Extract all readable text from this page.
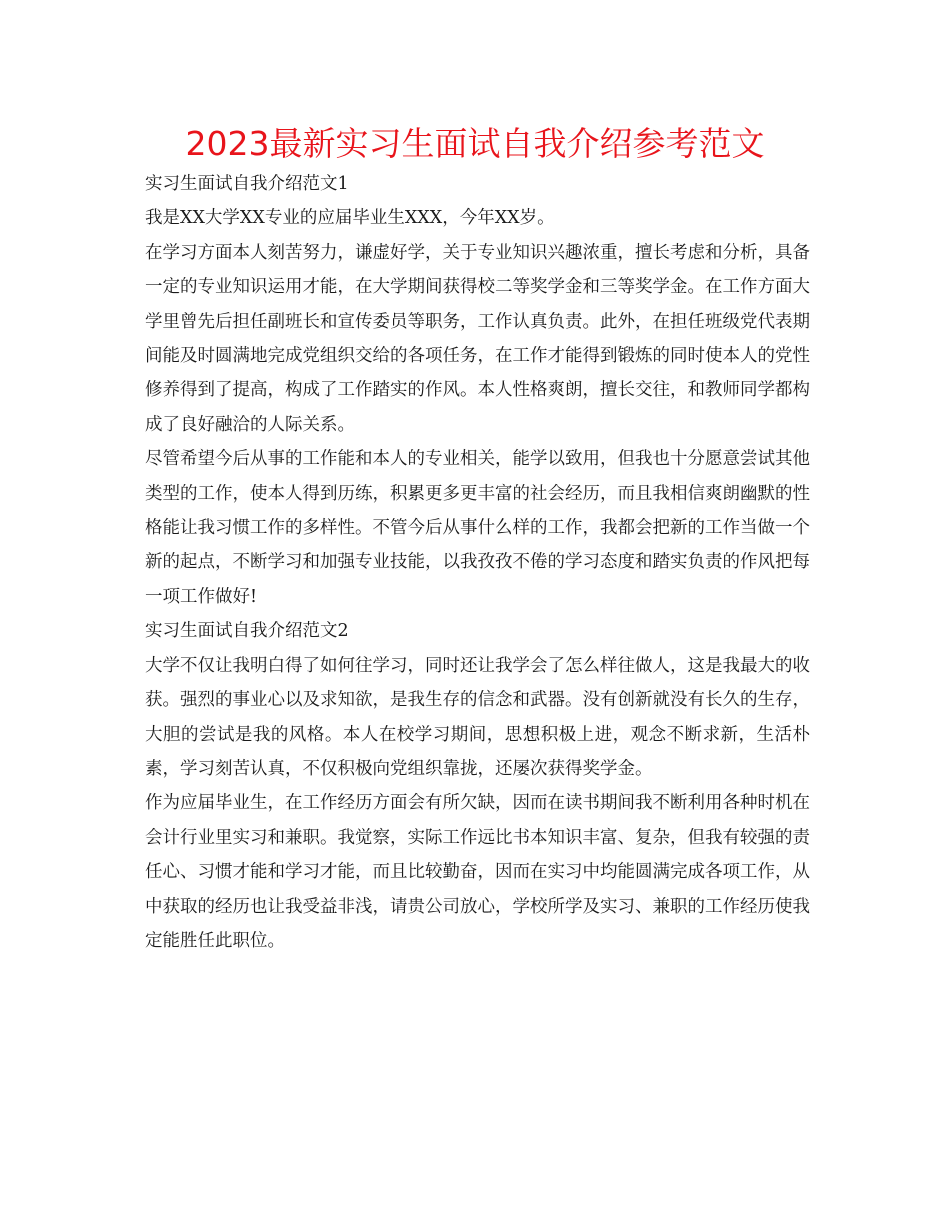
2023最新实习生面试自我介绍参考范文

实习生面试自我介绍范文1

我是XX大学XX专业的应届毕业生XXX，今年XX岁。

在学习方面本人刻苦努力，谦虚好学，关于专业知识兴趣浓重，擅长考虑和分析，具备一定的专业知识运用才能，在大学期间获得校二等奖学金和三等奖学金。在工作方面大学里曾先后担任副班长和宣传委员等职务，工作认真负责。此外，在担任班级党代表期间能及时圆满地完成党组织交给的各项任务，在工作才能得到锻炼的同时使本人的党性修养得到了提高，构成了工作踏实的作风。本人性格爽朗，擅长交往，和教师同学都构成了良好融洽的人际关系。

尽管希望今后从事的工作能和本人的专业相关，能学以致用，但我也十分愿意尝试其他类型的工作，使本人得到历练，积累更多更丰富的社会经历，而且我相信爽朗幽默的性格能让我习惯工作的多样性。不管今后从事什么样的工作，我都会把新的工作当做一个新的起点，不断学习和加强专业技能，以我孜孜不倦的学习态度和踏实负责的作风把每一项工作做好!

实习生面试自我介绍范文2

大学不仅让我明白得了如何往学习，同时还让我学会了怎么样往做人，这是我最大的收获。强烈的事业心以及求知欲，是我生存的信念和武器。没有创新就没有长久的生存，大胆的尝试是我的风格。本人在校学习期间，思想积极上进，观念不断求新，生活朴素，学习刻苦认真，不仅积极向党组织靠拢，还屡次获得奖学金。

作为应届毕业生，在工作经历方面会有所欠缺，因而在读书期间我不断利用各种时机在会计行业里实习和兼职。我觉察，实际工作远比书本知识丰富、复杂，但我有较强的责任心、习惯才能和学习才能，而且比较勤奋，因而在实习中均能圆满完成各项工作，从中获取的经历也让我受益非浅，请贵公司放心，学校所学及实习、兼职的工作经历使我定能胜任此职位。
